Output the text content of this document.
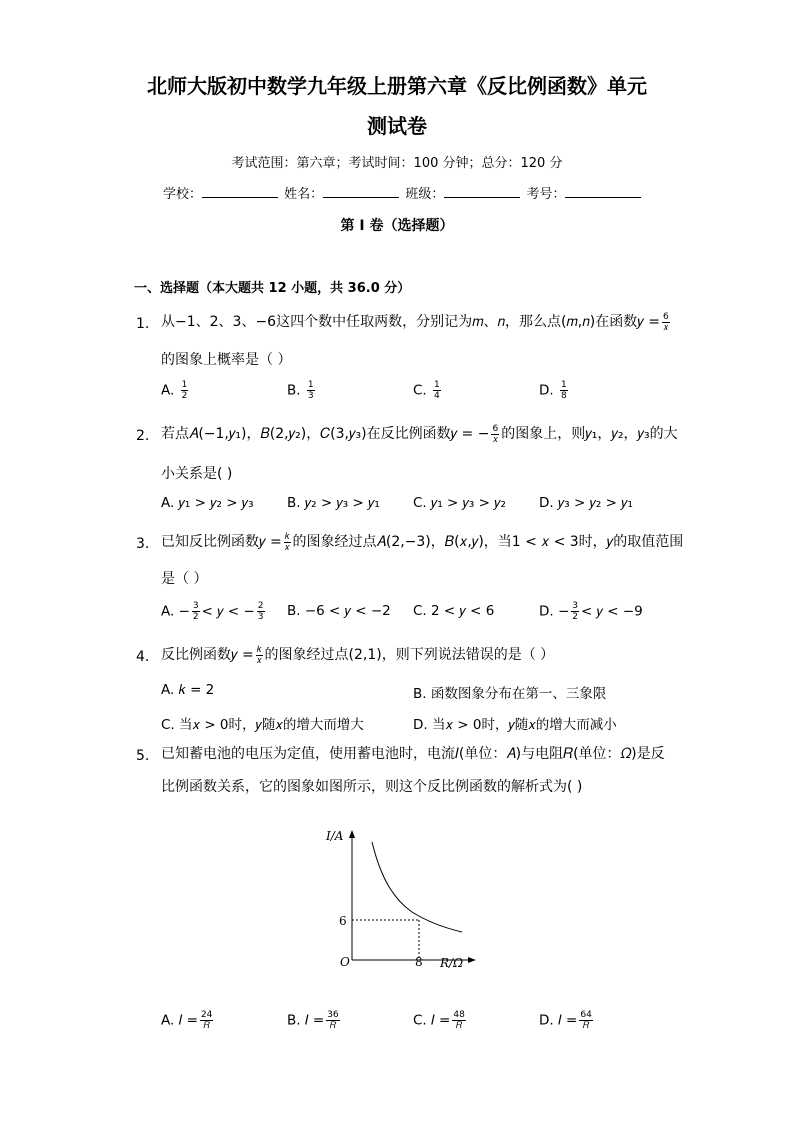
北师大版初中数学九年级上册第六章《反比例函数》单元
测试卷
考试范围：第六章；考试时间：100 分钟；总分：120 分
学校：	姓名：	班级：	考号：
第 I 卷（选择题）
一、选择题（本大题共 12 小题，共 36.0 分）
1. 从−1、2、3、−6这四个数中任取两数，分别记为𝑚、𝑛，那么点(𝑚,𝑛)在函数𝑦 = $\frac{6}{\text{𝑥}}$
的图象上概率是（ ）
A. $\frac{1}{2}$	B. $\frac{1}{3}$	C. $\frac{1}{4}$	D. $\frac{1}{8}$
2. 若点𝐴(−1,𝑦₁)，𝐵(2,𝑦₂)，𝐶(3,𝑦₃)在反比例函数𝑦 = − $\frac{6}{\text{𝑥}}$ 的图象上，则𝑦₁，𝑦₂，𝑦₃的大
小关系是( )
A. 𝑦₁ > 𝑦₂ > 𝑦₃ B. 𝑦₂ > 𝑦₃ > 𝑦₁ C. 𝑦₁ > 𝑦₃ > 𝑦₂ D. 𝑦₃ > 𝑦₂ > 𝑦₁
3. 已知反比例函数𝑦 = $\frac{\text{𝑘}}{\text{𝑥}}$ 的图象经过点𝐴(2,−3)，𝐵(𝑥,𝑦)，当1 < 𝑥 < 3时，𝑦的取值范围
是（ ）
A. − $\frac{3}{2}$ < 𝑦 < − $\frac{2}{3} B$. −6 < 𝑦 < −2 C. 2 < 𝑦 < 6	D. − $\frac{3}{2}$ < 𝑦 < −9
4. 反比例函数𝑦 = $\frac{\text{𝑘}}{\text{𝑥}}$ 的图象经过点(2,1)，则下列说法错误的是（ ）
A. 𝑘 = 2	B. 函数图象分布在第一、三象限
C. 当𝑥 > 0时，𝑦随𝑥的增大而增大	D. 当𝑥 > 0时，𝑦随𝑥的增大而减小
5. 已知蓄电池的电压为定值，使用蓄电池时，电流𝐼(单位：𝐴)与电阻𝑅(单位：𝛺)是反
比例函数关系，它的图象如图所示，则这个反比例函数的解析式为( )
I/A
R/Ω
O
6
8
A. 𝐼 = $\frac{24}{\text{𝑅}}$	B. 𝐼 = $\frac{36}{\text{𝑅}}$	C. 𝐼 = $\frac{48}{\text{𝑅}}$	D. 𝐼 = $\frac{64}{\text{𝑅}}$
